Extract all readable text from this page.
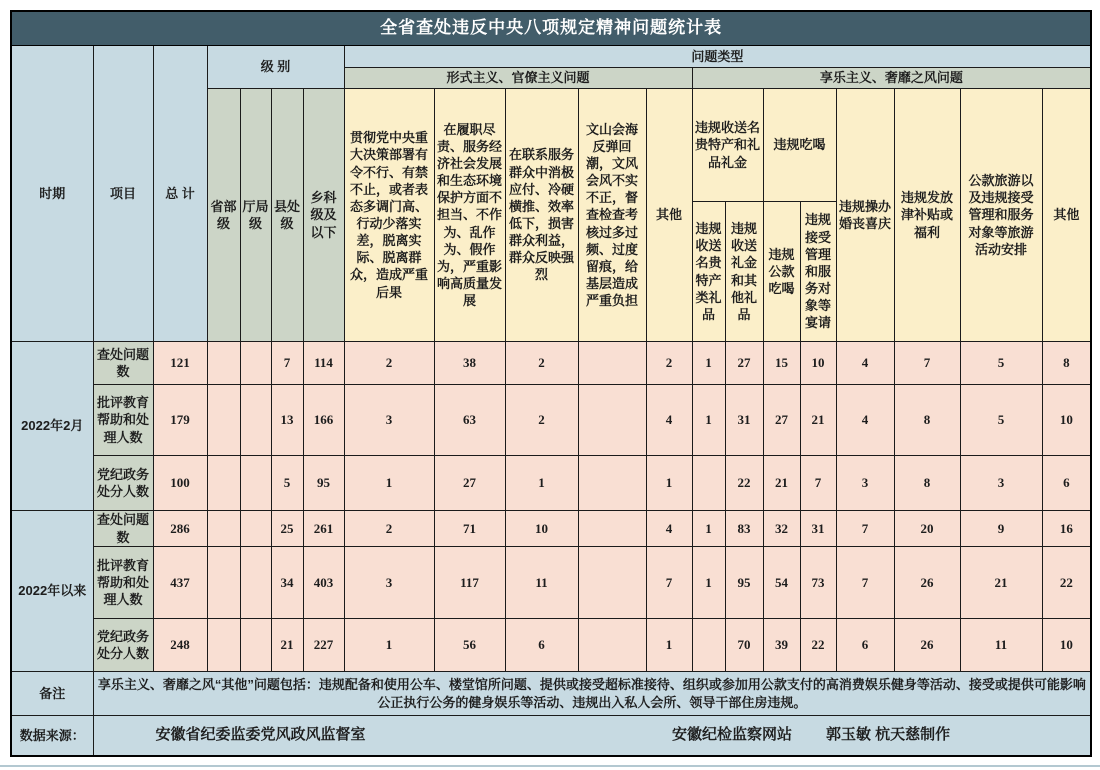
全省查处违反中央八项规定精神问题统计表																			
时期	项目	总 计	级 别				问题类型												
							形式主义、官僚主义问题					享乐主义、奢靡之风问题							
			省部级	厅局级	县处级	乡科级及以下	贯彻党中央重大决策部署有令不行、有禁不止，或者表态多调门高、行动少落实差，脱离实际、脱离群众，造成严重后果	在履职尽责、服务经济社会发展和生态环境保护方面不担当、不作为、乱作为、假作为，严重影响高质量发展	在联系服务群众中消极应付、冷硬横推、效率低下，损害群众利益，群众反映强烈	文山会海反弹回潮，文风会风不实不正，督查检查考核过多过频、过度留痕，给基层造成严重负担	其他	违规收送名贵特产和礼品礼金		违规吃喝		违规操办婚丧喜庆	违规发放津补贴或福利	公款旅游以及违规接受管理和服务对象等旅游活动安排	其他
												违规收送名贵特产类礼品	违规收送礼金和其他礼品	违规公款吃喝	违规接受管理和服务对象等宴请				
2022年2月	查处问题数	121			7	114	2	38	2		2	1	27	15	10	4	7	5	8
	批评教育帮助和处理人数	179			13	166	3	63	2		4	1	31	27	21	4	8	5	10
	党纪政务处分人数	100			5	95	1	27	1		1		22	21	7	3	8	3	6
2022年以来	查处问题数	286			25	261	2	71	10		4	1	83	32	31	7	20	9	16
	批评教育帮助和处理人数	437			34	403	3	117	11		7	1	95	54	73	7	26	21	22
	党纪政务处分人数	248			21	227	1	56	6		1		70	39	22	6	26	11	10
备注	享乐主义、奢靡之风“其他”问题包括：违规配备和使用公车、楼堂馆所问题、提供或接受超标准接待、组织或参加用公款支付的高消费娱乐健身等活动、接受或提供可能影响公正执行公务的健身娱乐等活动、违规出入私人会所、领导干部住房违规。																		
数据来源：	安徽省纪委监委党风政风监督室 安徽纪检监察网站 郭玉敏 杭天慈制作																		
